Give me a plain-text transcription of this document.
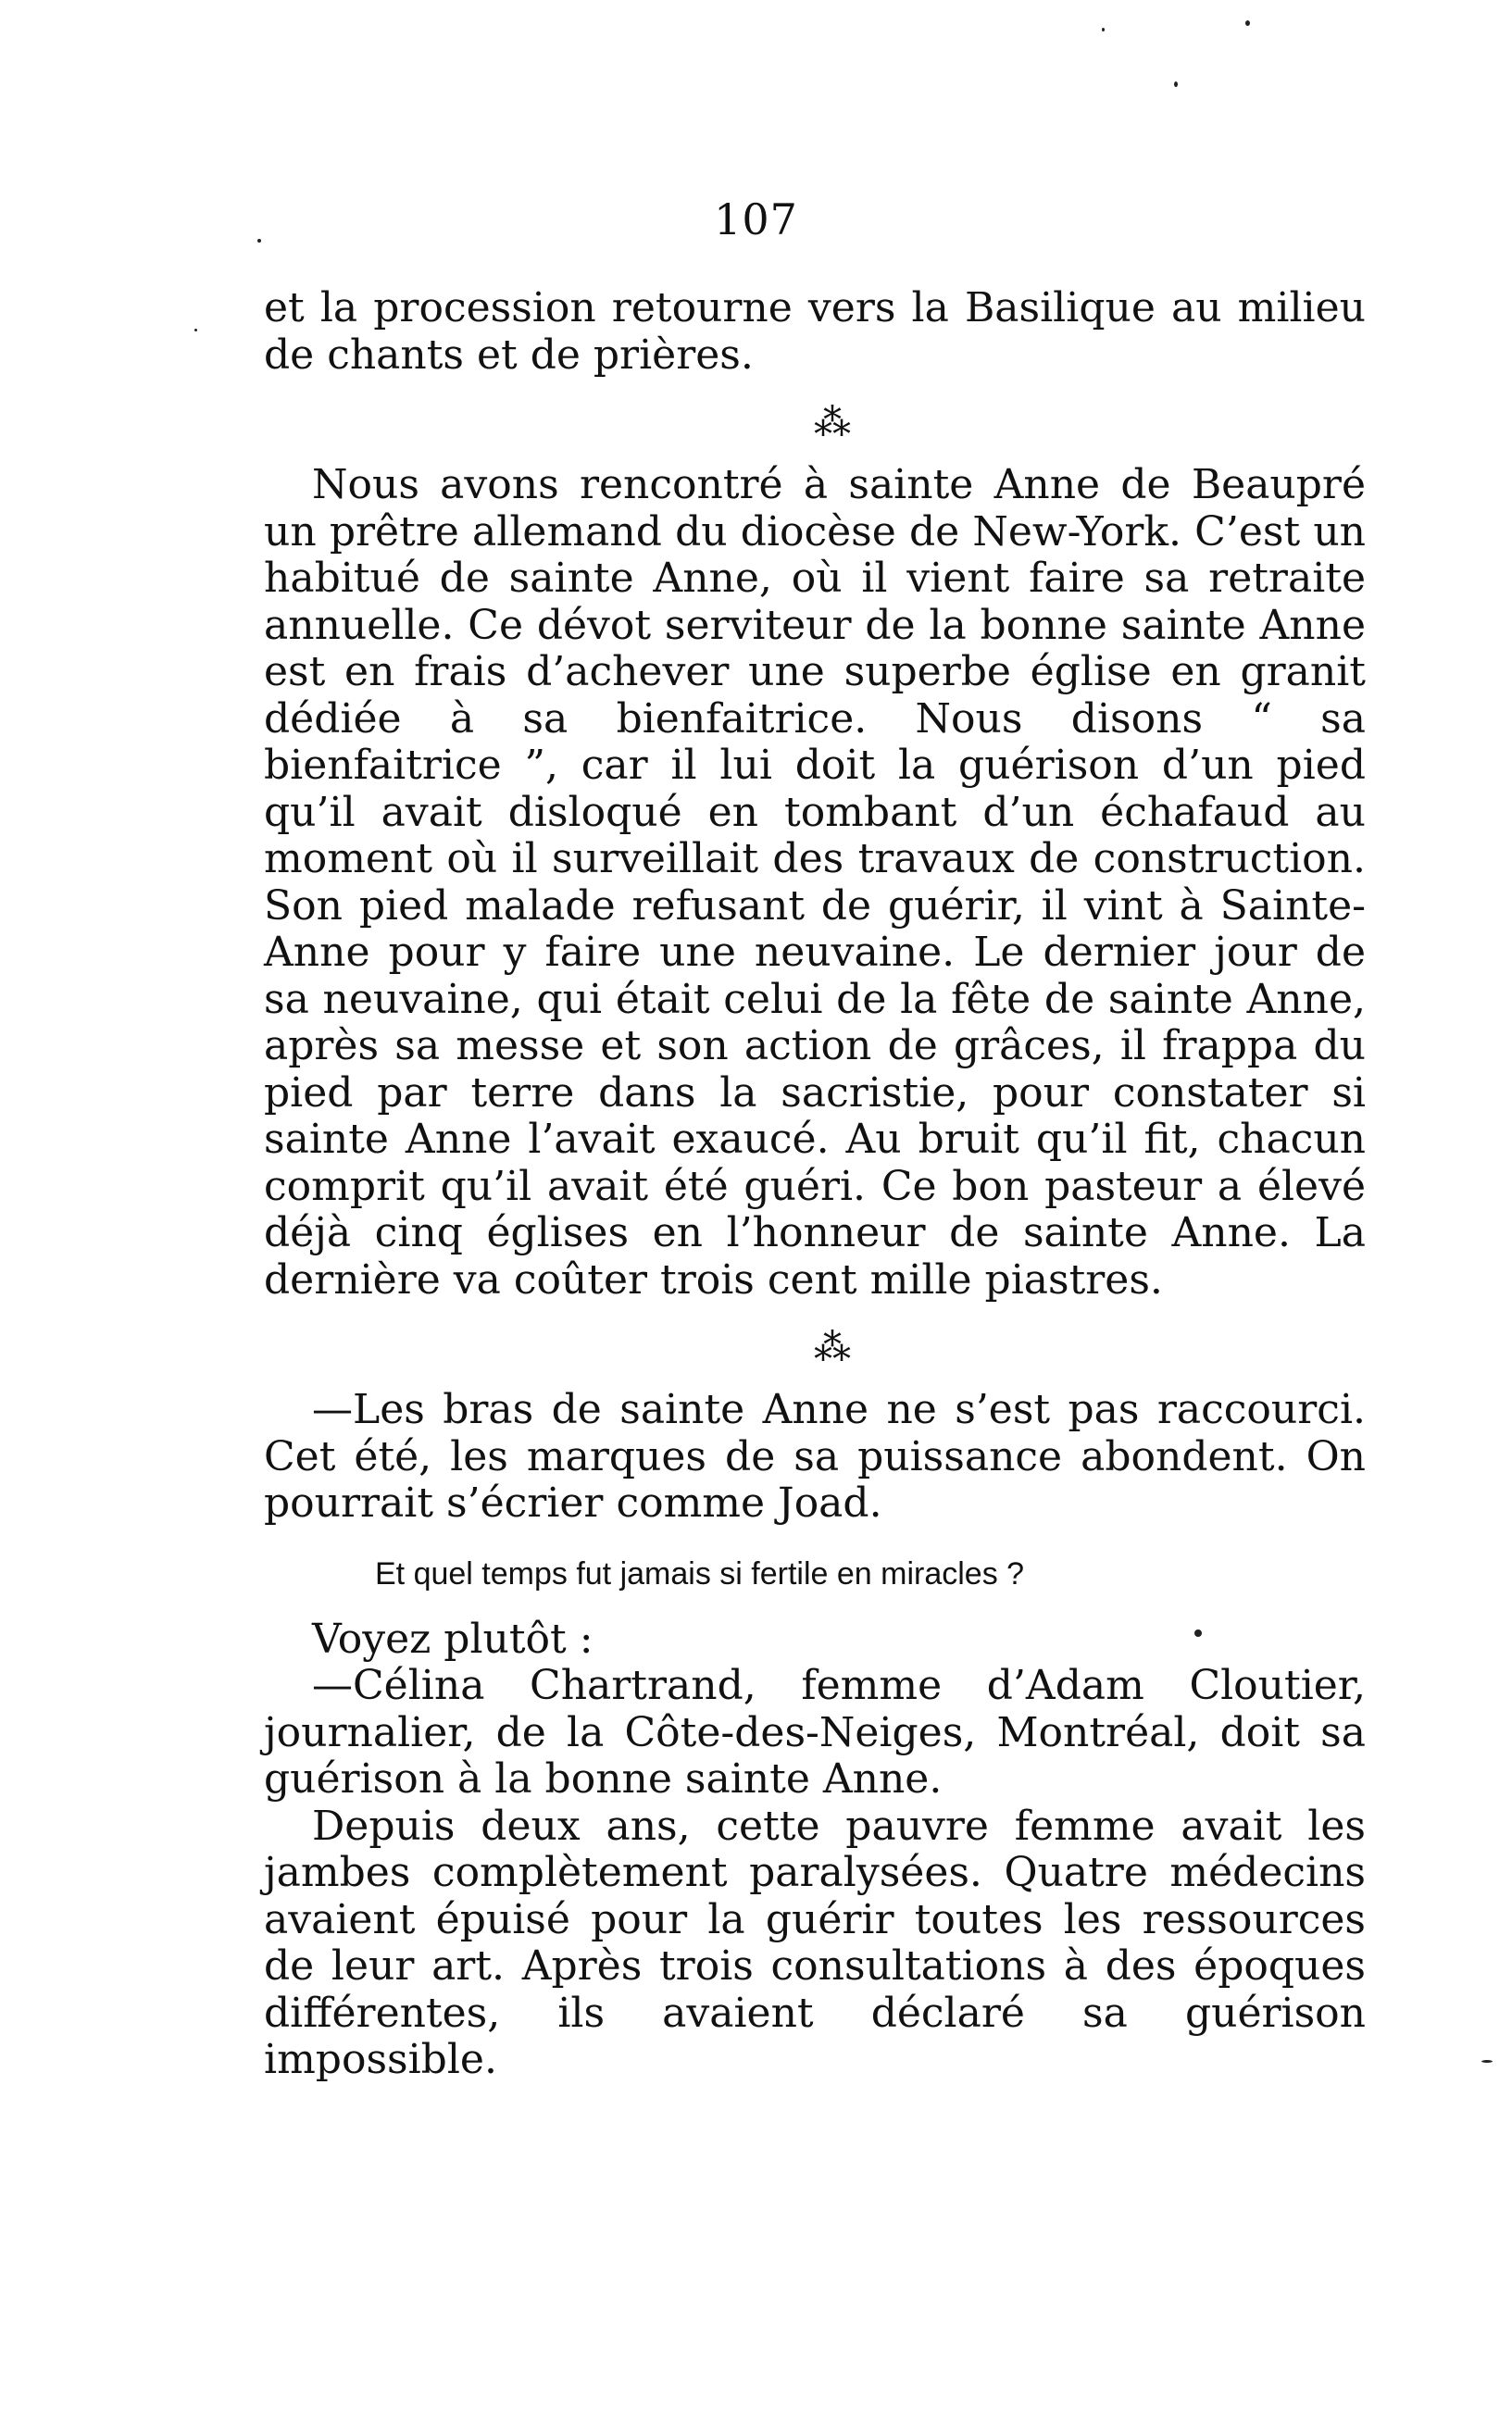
107

et la procession retourne vers la Basilique au milieu de chants et de prières.

⁂

Nous avons rencontré à sainte Anne de Beaupré un prêtre allemand du diocèse de New-York. C’est un habitué de sainte Anne, où il vient faire sa retraite annuelle. Ce dévot serviteur de la bonne sainte Anne est en frais d’achever une superbe église en granit dédiée à sa bienfaitrice. Nous disons “ sa bienfaitrice ”, car il lui doit la guérison d’un pied qu’il avait disloqué en tombant d’un échafaud au moment où il surveillait des travaux de construction. Son pied malade refusant de guérir, il vint à Sainte-Anne pour y faire une neuvaine. Le dernier jour de sa neuvaine, qui était celui de la fête de sainte Anne, après sa messe et son action de grâces, il frappa du pied par terre dans la sacristie, pour constater si sainte Anne l’avait exaucé. Au bruit qu’il fit, chacun comprit qu’il avait été guéri. Ce bon pasteur a élevé déjà cinq églises en l’honneur de sainte Anne. La dernière va coûter trois cent mille piastres.

⁂

—Les bras de sainte Anne ne s’est pas raccourci. Cet été, les marques de sa puissance abondent. On pourrait s’écrier comme Joad.

Et quel temps fut jamais si fertile en miracles ?

Voyez plutôt :

—Célina Chartrand, femme d’Adam Cloutier, journalier, de la Côte-des-Neiges, Montréal, doit sa guérison à la bonne sainte Anne.

Depuis deux ans, cette pauvre femme avait les jambes complètement paralysées. Quatre médecins avaient épuisé pour la guérir toutes les ressources de leur art. Après trois consultations à des époques différentes, ils avaient déclaré sa guérison impossible.
